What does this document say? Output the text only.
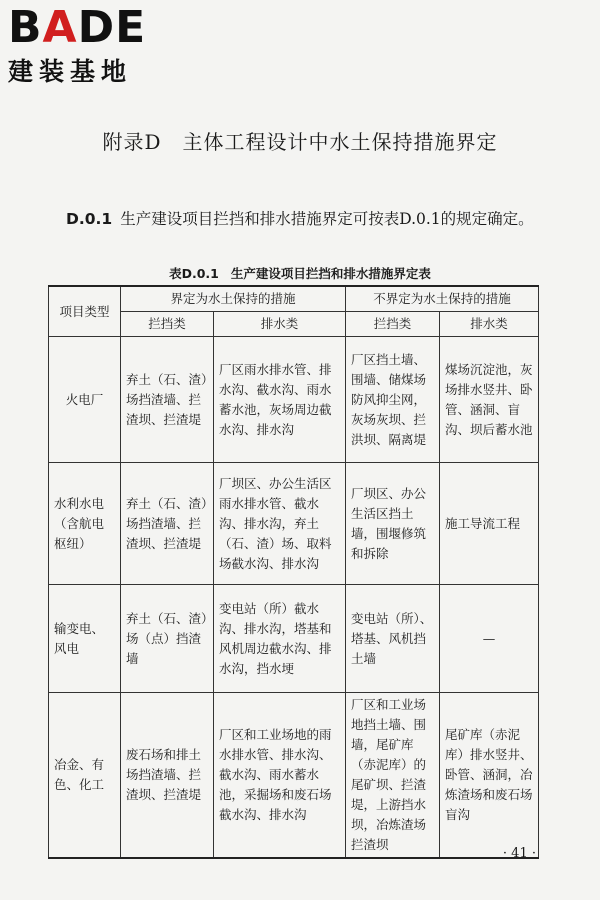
BADE
建装基地
附录D　主体工程设计中水土保持措施界定
D.0.1 生产建设项目拦挡和排水措施界定可按表D.0.1的规定确定。
表D.0.1 生产建设项目拦挡和排水措施界定表
项目类型	界定为水土保持的措施		不界定为水土保持的措施	
	拦挡类	排水类	拦挡类	排水类
火电厂	弃土（石、渣）场挡渣墙、拦渣坝、拦渣堤	厂区雨水排水管、排水沟、截水沟、雨水蓄水池，灰场周边截水沟、排水沟	厂区挡土墙、围墙、储煤场防风抑尘网，灰场灰坝、拦洪坝、隔离堤	煤场沉淀池，灰场排水竖井、卧管、涵洞、盲沟、坝后蓄水池
水利水电（含航电枢纽）	弃土（石、渣）场挡渣墙、拦渣坝、拦渣堤	厂坝区、办公生活区雨水排水管、截水沟、排水沟，弃土（石、渣）场、取料场截水沟、排水沟	厂坝区、办公生活区挡土墙，围堰修筑和拆除	施工导流工程
输变电、风电	弃土（石、渣）场（点）挡渣墙	变电站（所）截水沟、排水沟，塔基和风机周边截水沟、排水沟，挡水埂	变电站（所）、塔基、风机挡土墙	—
冶金、有色、化工	废石场和排土场挡渣墙、拦渣坝、拦渣堤	厂区和工业场地的雨水排水管、排水沟、截水沟、雨水蓄水池，采掘场和废石场截水沟、排水沟	厂区和工业场地挡土墙、围墙，尾矿库（赤泥库）的尾矿坝、拦渣堤，上游挡水坝，冶炼渣场拦渣坝	尾矿库（赤泥库）排水竖井、卧管、涵洞，冶炼渣场和废石场盲沟
· 41 ·
